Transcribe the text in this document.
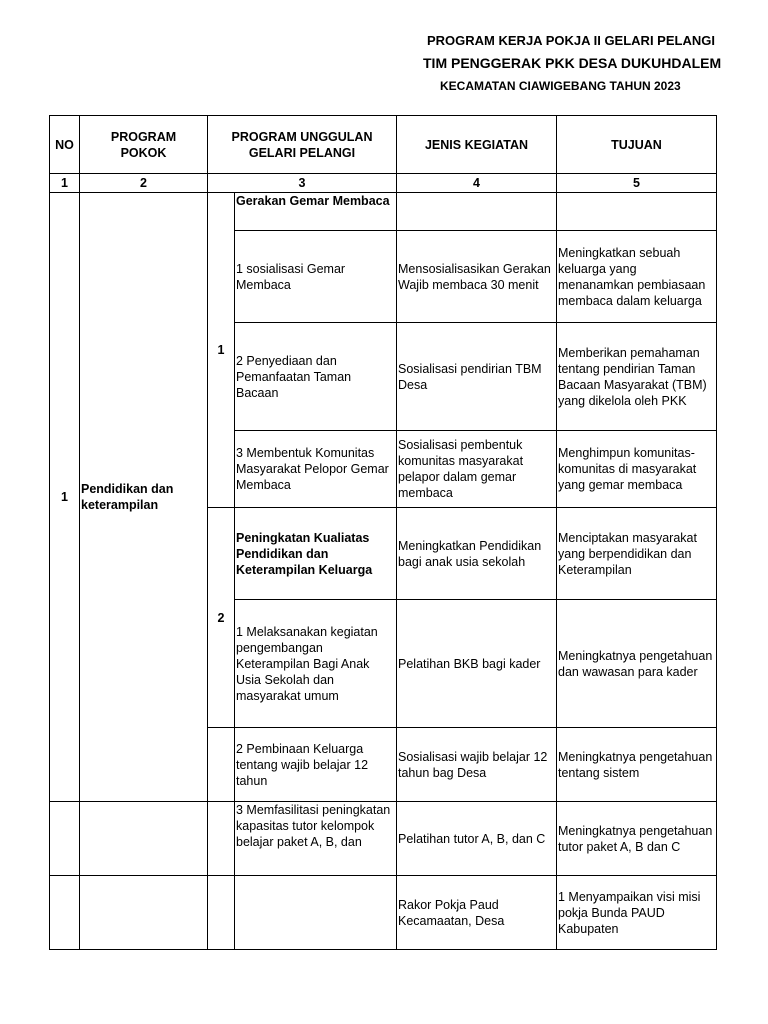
PROGRAM KERJA POKJA II GELARI PELANGI
TIM PENGGERAK PKK DESA DUKUHDALEM
KECAMATAN CIAWIGEBANG TAHUN 2023
NO	PROGRAM POKOK	PROGRAM UNGGULAN GELARI PELANGI		JENIS KEGIATAN	TUJUAN
1	2	3		4	5
1	Pendidikan dan keterampilan	1	Gerakan Gemar Membaca		
			1 sosialisasi Gemar Membaca	Mensosialisasikan Gerakan Wajib membaca 30 menit	Meningkatkan sebuah keluarga yang menanamkan pembiasaan membaca dalam keluarga
			2 Penyediaan dan Pemanfaatan Taman Bacaan	Sosialisasi pendirian TBM Desa	Memberikan pemahaman tentang pendirian Taman Bacaan Masyarakat (TBM) yang dikelola oleh PKK
			3 Membentuk Komunitas Masyarakat Pelopor Gemar Membaca	Sosialisasi pembentuk komunitas masyarakat pelapor dalam gemar membaca	Menghimpun komunitas-komunitas di masyarakat yang gemar membaca
		2	Peningkatan Kualiatas Pendidikan dan Keterampilan Keluarga	Meningkatkan Pendidikan bagi anak usia sekolah	Menciptakan masyarakat yang berpendidikan dan Keterampilan
			1 Melaksanakan kegiatan pengembangan Keterampilan Bagi Anak Usia Sekolah dan masyarakat umum	Pelatihan BKB bagi kader	Meningkatnya pengetahuan dan wawasan para kader
			2 Pembinaan Keluarga tentang wajib belajar 12 tahun	Sosialisasi wajib belajar 12 tahun bag Desa	Meningkatnya pengetahuan tentang sistem
			3 Memfasilitasi peningkatan kapasitas tutor kelompok belajar paket A, B, dan	Pelatihan tutor A, B, dan C	Meningkatnya pengetahuan tutor paket A, B dan C
				Rakor Pokja Paud Kecamaatan, Desa	1 Menyampaikan visi misi pokja Bunda PAUD Kabupaten
